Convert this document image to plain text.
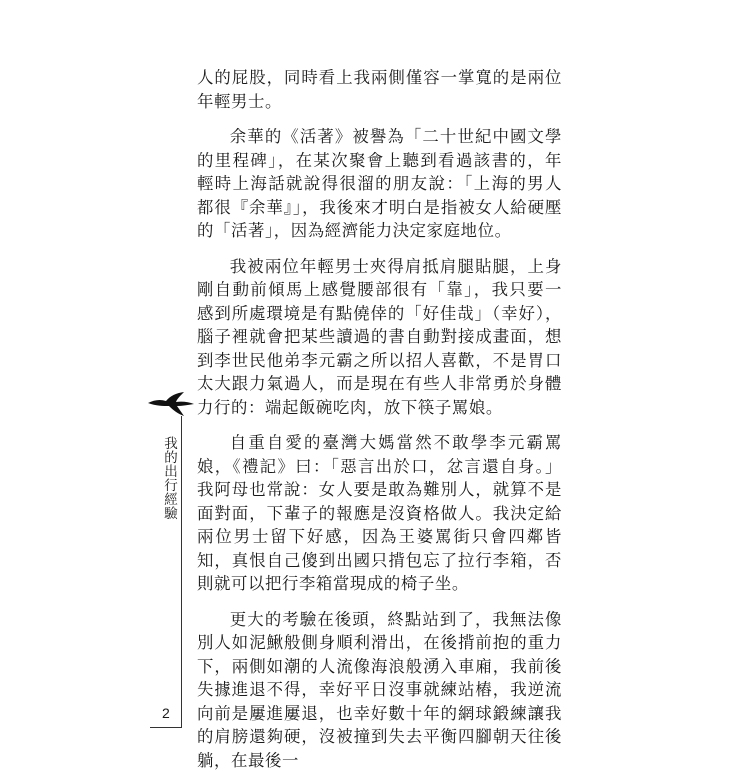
人的屁股，同時看上我兩側僅容一掌寬的是兩位年輕男士。

余華的《活著》被譽為「二十世紀中國文學的里程碑」，在某次聚會上聽到看過該書的，年輕時上海話就說得很溜的朋友說：「上海的男人都很『余華』」，我後來才明白是指被女人給硬壓的「活著」，因為經濟能力決定家庭地位。

我被兩位年輕男士夾得肩抵肩腿貼腿，上身剛自動前傾馬上感覺腰部很有「靠」，我只要一感到所處環境是有點僥倖的「好佳哉」（幸好），腦子裡就會把某些讀過的書自動對接成畫面，想到李世民他弟李元霸之所以招人喜歡，不是胃口太大跟力氣過人，而是現在有些人非常勇於身體力行的：端起飯碗吃肉，放下筷子罵娘。

自重自愛的臺灣大媽當然不敢學李元霸罵娘，《禮記》曰：「惡言出於口，忿言還自身。」我阿母也常說：女人要是敢為難別人，就算不是面對面，下輩子的報應是沒資格做人。我決定給兩位男士留下好感，因為王婆罵街只會四鄰皆知，真恨自己傻到出國只揹包忘了拉行李箱，否則就可以把行李箱當現成的椅子坐。

更大的考驗在後頭，終點站到了，我無法像別人如泥鰍般側身順利滑出，在後揹前抱的重力下，兩側如潮的人流像海浪般湧入車廂，我前後失據進退不得，幸好平日沒事就練站樁，我逆流向前是屢進屢退，也幸好數十年的網球鍛練讓我的肩膀還夠硬，沒被撞到失去平衡四腳朝天往後躺，在最後一

我的出行經驗
2
